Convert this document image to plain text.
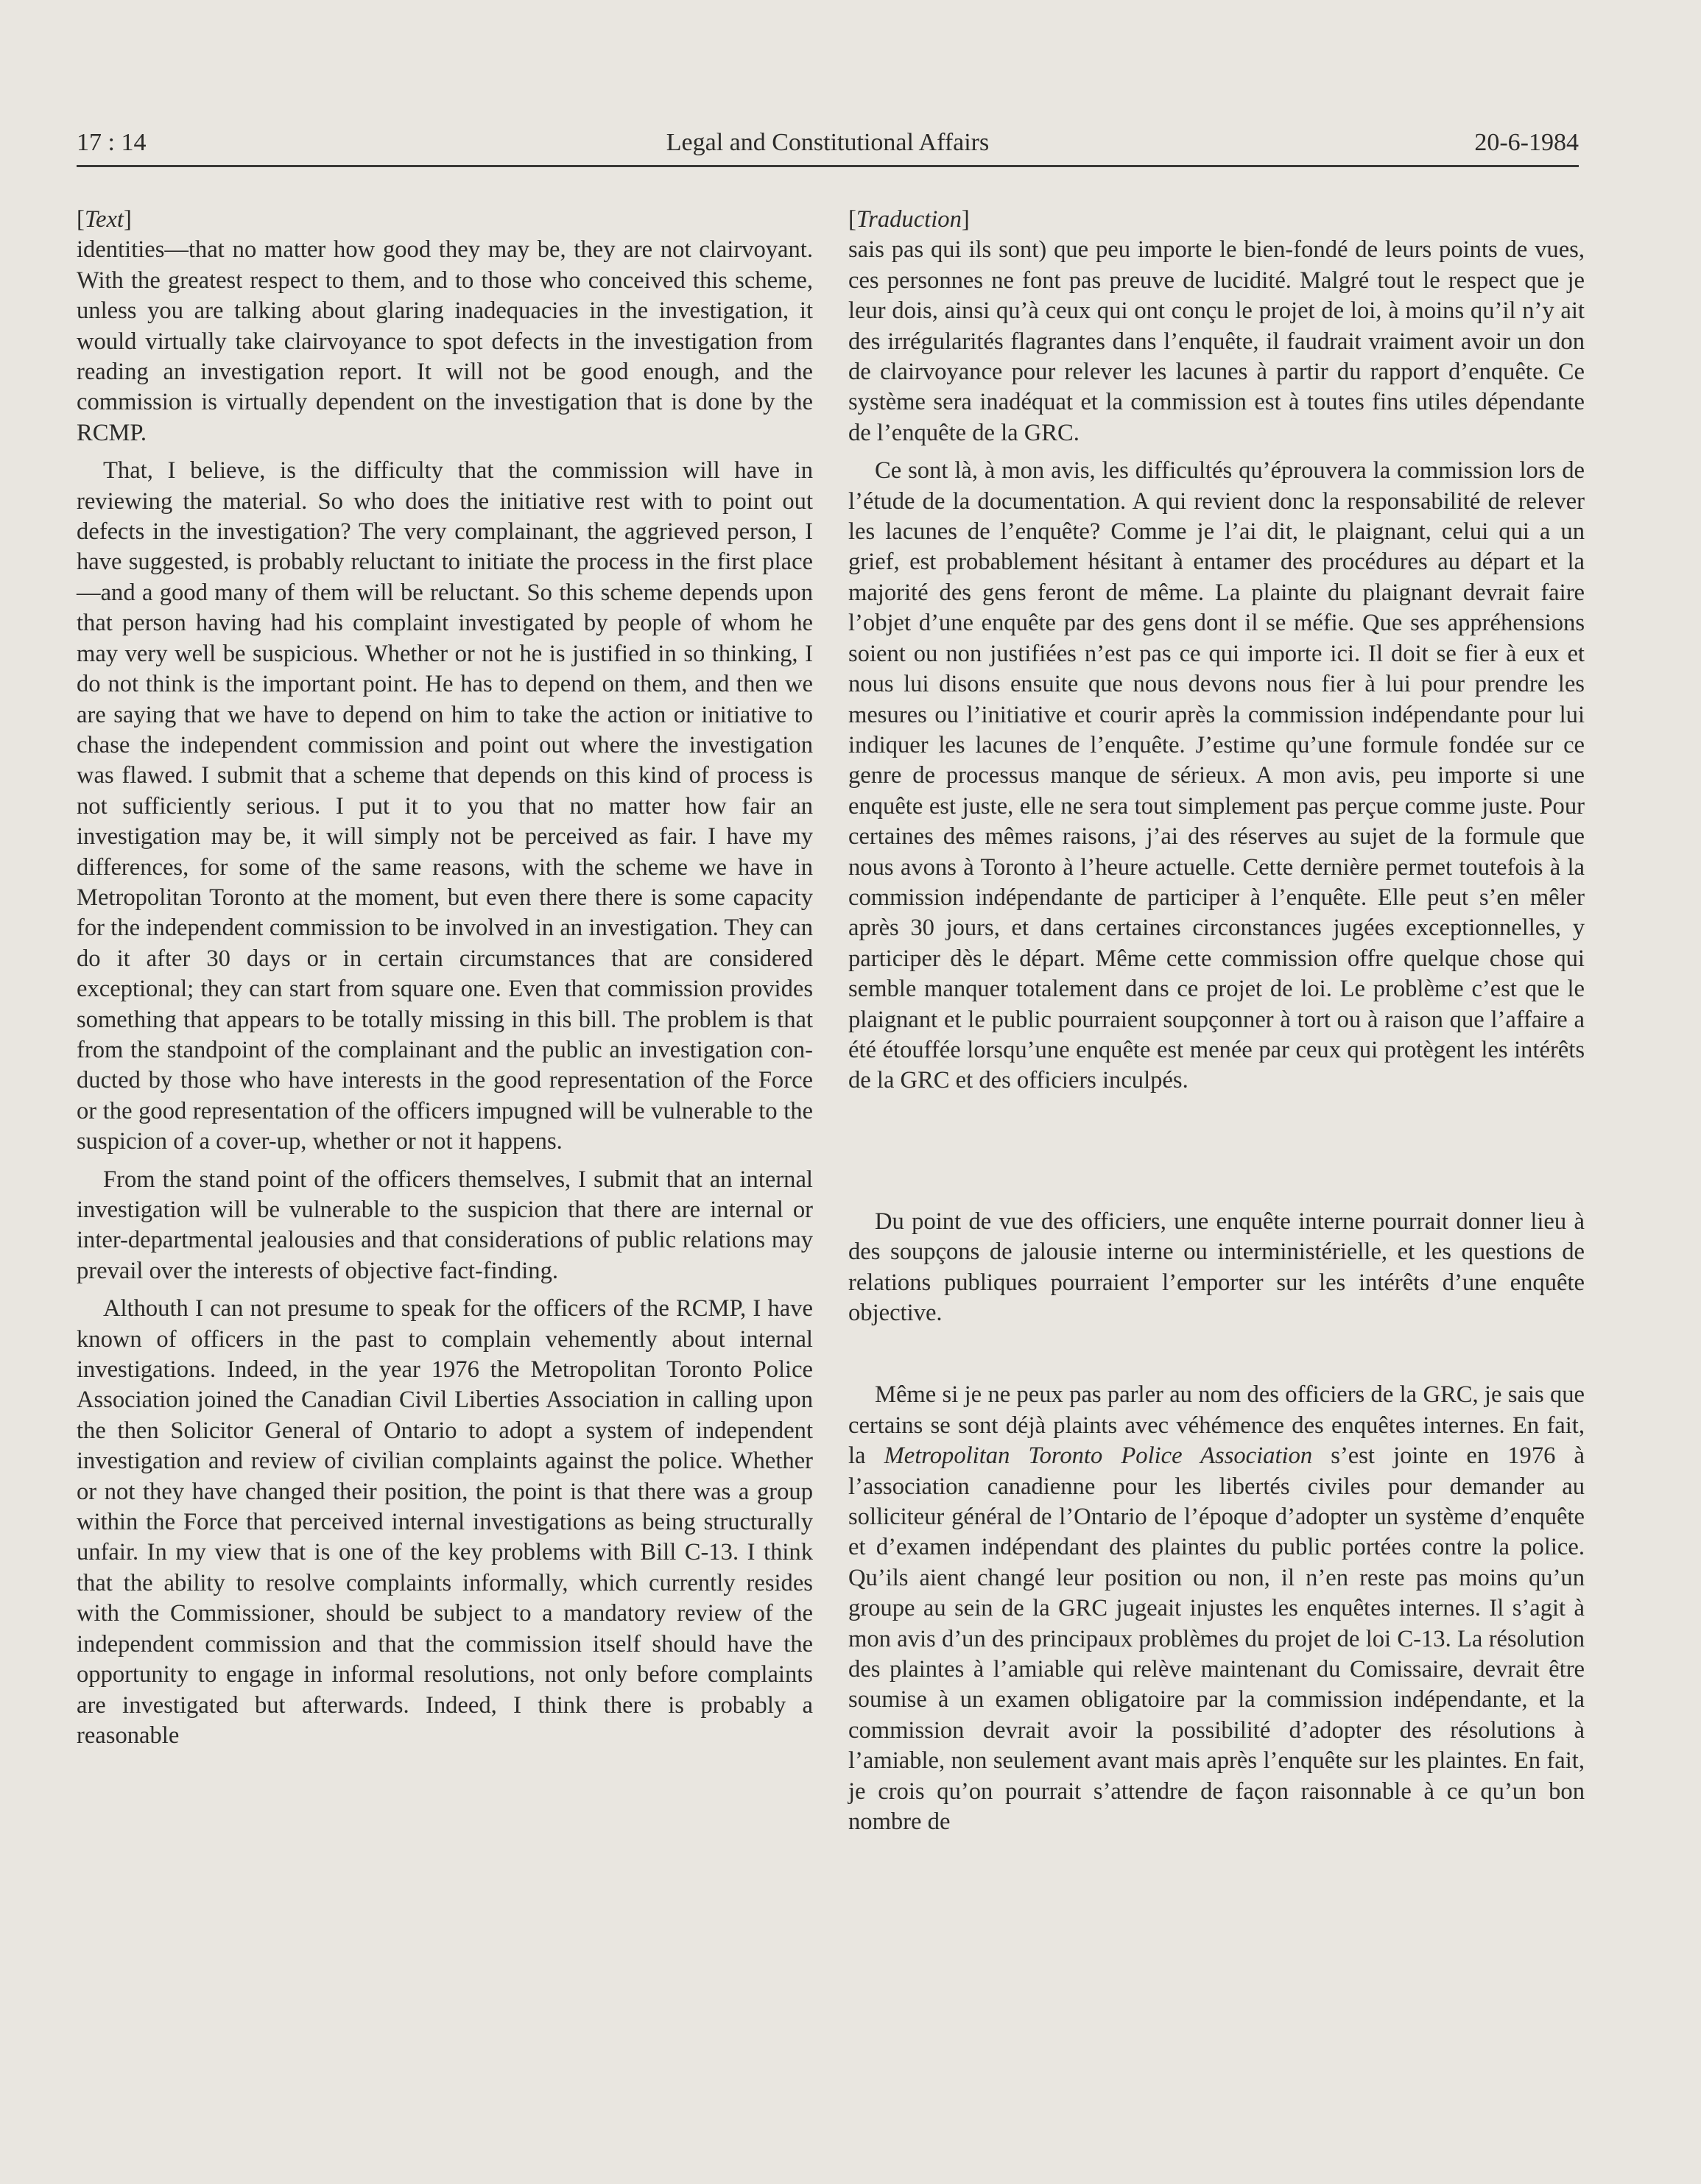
17 : 14	Legal and Constitutional Affairs	20-6-1984
[Text]

identities—that no matter how good they may be, they are not clairvoyant. With the greatest respect to them, and to those who conceived this scheme, unless you are talking about glaring inadequacies in the investigation, it would virtually take clairvoyance to spot defects in the investigation from reading an investigation report. It will not be good enough, and the commission is virtually dependent on the investigation that is done by the RCMP.

That, I believe, is the difficulty that the commission will have in reviewing the material. So who does the initiative rest with to point out defects in the investigation? The very complainant, the aggrieved person, I have suggested, is probably reluctant to initiate the process in the first place—and a good many of them will be reluctant. So this scheme depends upon that person having had his complaint investigated by people of whom he may very well be suspicious. Whether or not he is justified in so thinking, I do not think is the important point. He has to depend on them, and then we are saying that we have to depend on him to take the action or initiative to chase the independent commission and point out where the investigation was flawed. I submit that a scheme that depends on this kind of process is not sufficiently serious. I put it to you that no matter how fair an investigation may be, it will simply not be perceived as fair. I have my differences, for some of the same reasons, with the scheme we have in Metropolitan Toronto at the moment, but even there there is some capacity for the independent commission to be involved in an investigation. They can do it after 30 days or in certain circumstances that are considered exceptional; they can start from square one. Even that commission provides something that appears to be totally missing in this bill. The problem is that from the standpoint of the complainant and the public an investigation conducted by those who have interests in the good representation of the Force or the good representation of the officers impugned will be vulnerable to the suspicion of a cover-up, whether or not it happens.

From the stand point of the officers themselves, I submit that an internal investigation will be vulnerable to the suspicion that there are internal or inter-departmental jealousies and that considerations of public relations may prevail over the interests of objective fact-finding.

Althouth I can not presume to speak for the officers of the RCMP, I have known of officers in the past to complain vehemently about internal investigations. Indeed, in the year 1976 the Metropolitan Toronto Police Association joined the Canadian Civil Liberties Association in calling upon the then Solicitor General of Ontario to adopt a system of independent investigation and review of civilian complaints against the police. Whether or not they have changed their position, the point is that there was a group within the Force that perceived internal investigations as being structurally unfair. In my view that is one of the key problems with Bill C-13. I think that the ability to resolve complaints informally, which currently resides with the Commissioner, should be subject to a mandatory review of the independent commission and that the commission itself should have the opportunity to engage in informal resolutions, not only before complaints are investigated but afterwards. Indeed, I think there is probably a reasonable

[Traduction]

sais pas qui ils sont) que peu importe le bien-fondé de leurs points de vues, ces personnes ne font pas preuve de lucidité. Malgré tout le respect que je leur dois, ainsi qu’à ceux qui ont conçu le projet de loi, à moins qu’il n’y ait des irrégularités flagrantes dans l’enquête, il faudrait vraiment avoir un don de clairvoyance pour relever les lacunes à partir du rapport d’enquête. Ce système sera inadéquat et la commission est à toutes fins utiles dépendante de l’enquête de la GRC.

Ce sont là, à mon avis, les difficultés qu’éprouvera la commission lors de l’étude de la documentation. A qui revient donc la responsabilité de relever les lacunes de l’enquête? Comme je l’ai dit, le plaignant, celui qui a un grief, est probablement hésitant à entamer des procédures au départ et la majorité des gens feront de même. La plainte du plaignant devrait faire l’objet d’une enquête par des gens dont il se méfie. Que ses appréhensions soient ou non justifiées n’est pas ce qui importe ici. Il doit se fier à eux et nous lui disons ensuite que nous devons nous fier à lui pour prendre les mesures ou l’initiative et courir après la commission indépendante pour lui indiquer les lacunes de l’enquête. J’estime qu’une formule fondée sur ce genre de processus manque de sérieux. A mon avis, peu importe si une enquête est juste, elle ne sera tout simplement pas perçue comme juste. Pour certaines des mêmes raisons, j’ai des réserves au sujet de la formule que nous avons à Toronto à l’heure actuelle. Cette dernière permet toutefois à la commission indépendante de participer à l’enquête. Elle peut s’en mêler après 30 jours, et dans certaines circonstances jugées exceptionnelles, y participer dès le départ. Même cette commission offre quelque chose qui semble manquer totalement dans ce projet de loi. Le problème c’est que le plaignant et le public pourraient soupçonner à tort ou à raison que l’affaire a été étouffée lorsqu’une enquête est menée par ceux qui protègent les intérêts de la GRC et des officiers inculpés.

Du point de vue des officiers, une enquête interne pourrait donner lieu à des soupçons de jalousie interne ou interministérielle, et les questions de relations publiques pourraient l’emporter sur les intérêts d’une enquête objective.

Même si je ne peux pas parler au nom des officiers de la GRC, je sais que certains se sont déjà plaints avec véhémence des enquêtes internes. En fait, la Metropolitan Toronto Police Association s’est jointe en 1976 à l’association canadienne pour les libertés civiles pour demander au solliciteur général de l’Ontario de l’époque d’adopter un système d’enquête et d’examen indépendant des plaintes du public portées contre la police. Qu’ils aient changé leur position ou non, il n’en reste pas moins qu’un groupe au sein de la GRC jugeait injustes les enquêtes internes. Il s’agit à mon avis d’un des principaux problèmes du projet de loi C-13. La résolution des plaintes à l’amiable qui relève maintenant du Comissaire, devrait être soumise à un examen obligatoire par la commission indépendante, et la commission devrait avoir la possibilité d’adopter des résolutions à l’amiable, non seulement avant mais après l’enquête sur les plaintes. En fait, je crois qu’on pourrait s’attendre de façon raisonnable à ce qu’un bon nombre de
